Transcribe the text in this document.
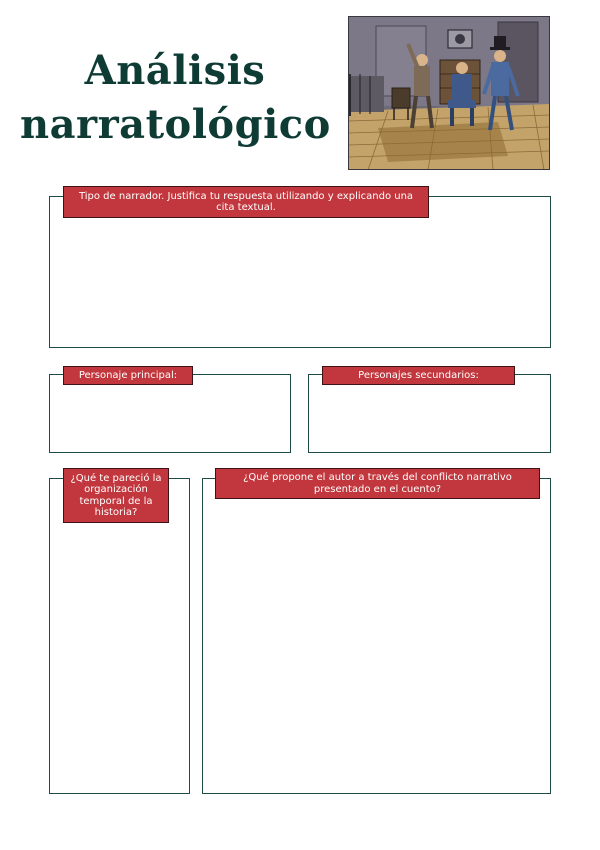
Análisis
narratológico
Tipo de narrador. Justifica tu respuesta utilizando y explicando una cita textual.
Personaje principal:	Personajes secundarios:
¿Qué te pareció la organización temporal de la historia?
¿Qué propone el autor a través del conflicto narrativo presentado en el cuento?
